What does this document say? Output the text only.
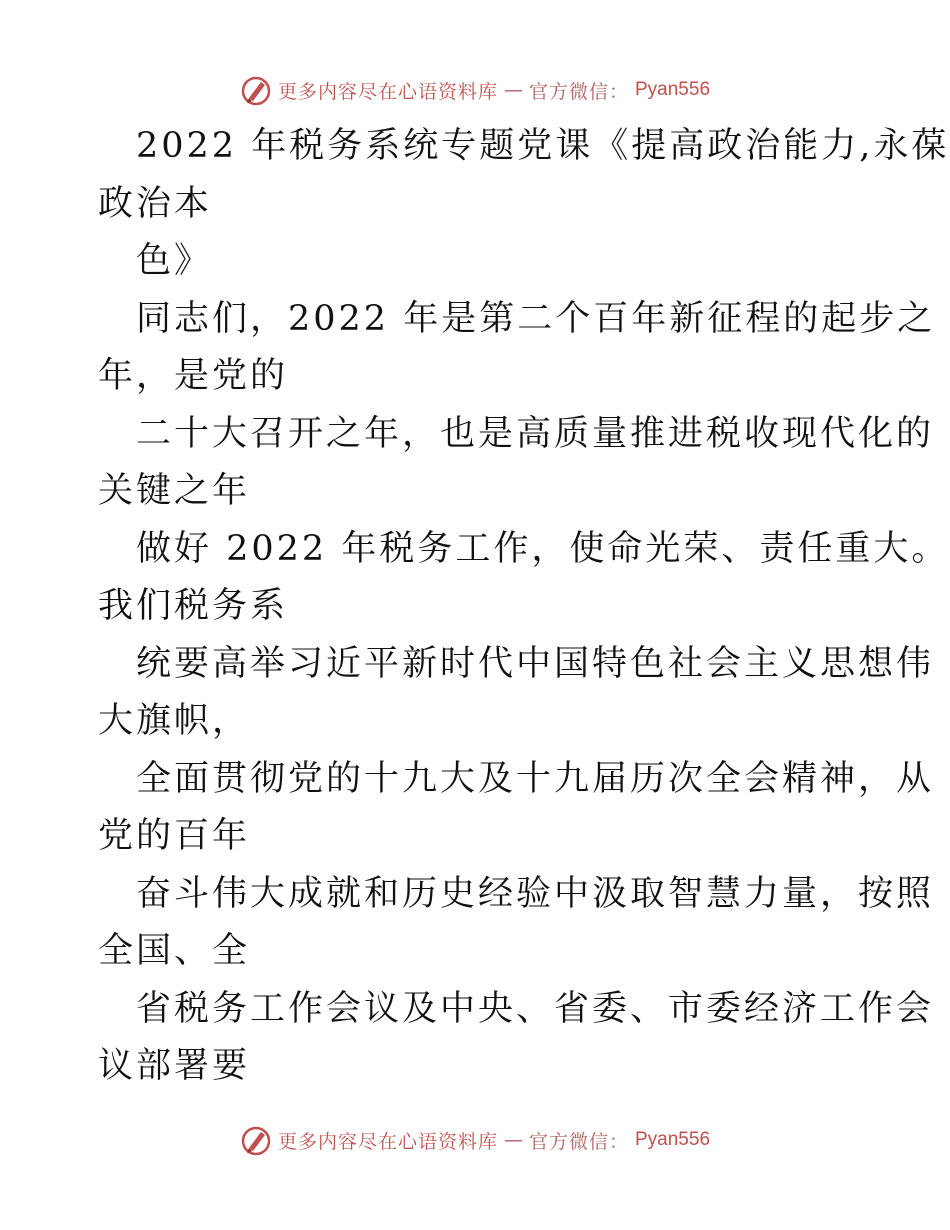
更多内容尽在心语资料库 — 官方微信： Pyan556
2022 年税务系统专题党课《提高政治能力,永葆
政治本
色》
同志们，2022 年是第二个百年新征程的起步之
年，是党的
二十大召开之年，也是高质量推进税收现代化的
关键之年
做好 2022 年税务工作，使命光荣、责任重大。
我们税务系
统要高举习近平新时代中国特色社会主义思想伟
大旗帜，
全面贯彻党的十九大及十九届历次全会精神，从
党的百年
奋斗伟大成就和历史经验中汲取智慧力量，按照
全国、全
省税务工作会议及中央、省委、市委经济工作会
议部署要
更多内容尽在心语资料库 — 官方微信： Pyan556
